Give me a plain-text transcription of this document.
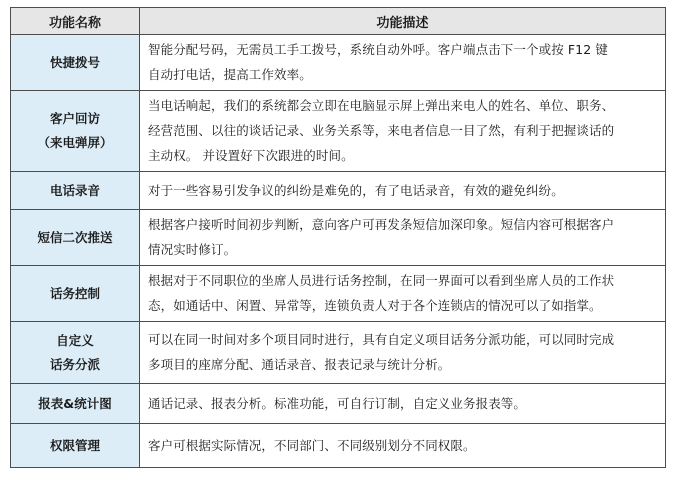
功能名称	功能描述

快捷拨号	智能分配号码，无需员工手工拨号，系统自动外呼。客户端点击下一个或按 F12 键
自动打电话，提高工作效率。

客户回访
（来电弹屏）	当电话响起，我们的系统都会立即在电脑显示屏上弹出来电人的姓名、单位、职务、
经营范围、以往的谈话记录、业务关系等，来电者信息一目了然，有利于把握谈话的
主动权。 并设置好下次跟进的时间。

电话录音	对于一些容易引发争议的纠纷是难免的，有了电话录音，有效的避免纠纷。

短信二次推送	根据客户接听时间初步判断，意向客户可再发条短信加深印象。短信内容可根据客户
情况实时修订。

话务控制	根据对于不同职位的坐席人员进行话务控制，在同一界面可以看到坐席人员的工作状
态，如通话中、闲置、异常等，连锁负责人对于各个连锁店的情况可以了如指掌。

自定义
话务分派	可以在同一时间对多个项目同时进行，具有自定义项目话务分派功能，可以同时完成
多项目的座席分配、通话录音、报表记录与统计分析。

报表&统计图	通话记录、报表分析。标准功能，可自行订制，自定义业务报表等。

权限管理	客户可根据实际情况，不同部门、不同级别划分不同权限。
